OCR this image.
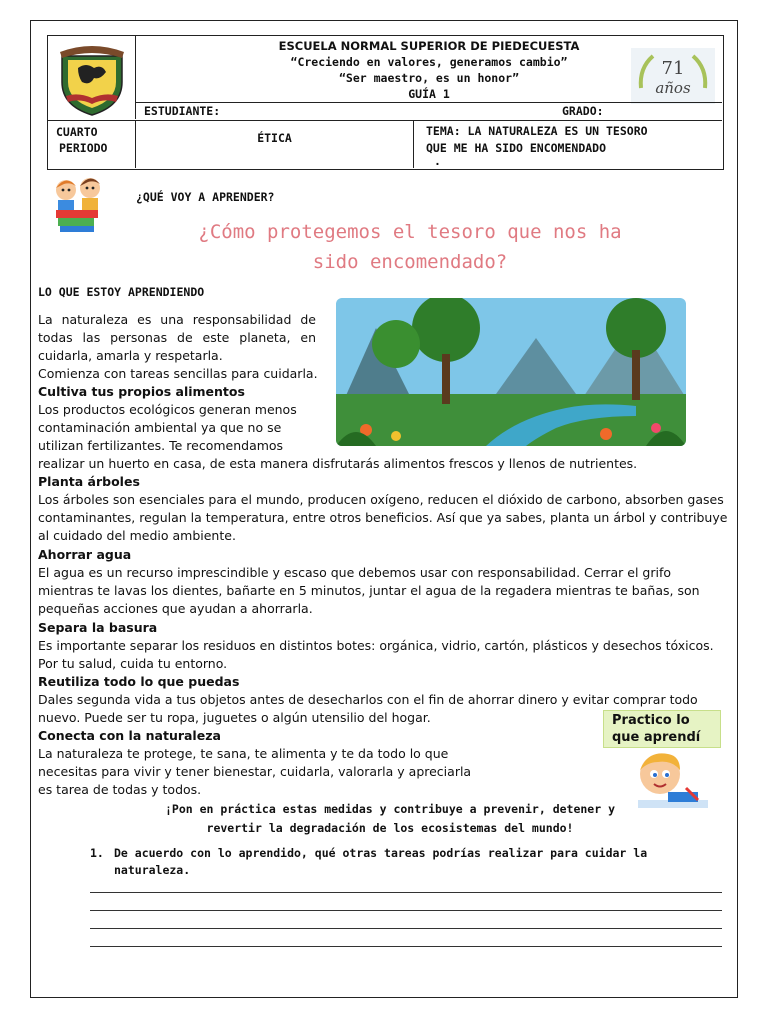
ESCUELA NORMAL SUPERIOR DE PIEDECUESTA
“Creciendo en valores, generamos cambio”
“Ser maestro, es un honor”
GUÍA 1
71
años
ESTUDIANTE:	GRADO:
CUARTO
PERIODO
ÉTICA	TEMA: LA NATURALEZA ES UN TESORO
QUE ME HA SIDO ENCOMENDADO
.
¿QUÉ VOY A APRENDER?
¿Cómo protegemos el tesoro que nos ha
sido encomendado?
LO QUE ESTOY APRENDIENDO
La naturaleza es una responsabilidad de todas las personas de este planeta, en cuidarla, amarla y respetarla.
Comienza con tareas sencillas para cuidarla.
Cultiva tus propios alimentos
Los productos ecológicos generan menos
contaminación ambiental ya que no se
utilizan fertilizantes. Te recomendamos
realizar un huerto en casa, de esta manera disfrutarás alimentos frescos y llenos de nutrientes.
Planta árboles
Los árboles son esenciales para el mundo, producen oxígeno, reducen el dióxido de carbono, absorben gases contaminantes, regulan la temperatura, entre otros beneficios. Así que ya sabes, planta un árbol y contribuye al cuidado del medio ambiente.
Ahorrar agua
El agua es un recurso imprescindible y escaso que debemos usar con responsabilidad. Cerrar el grifo mientras te lavas los dientes, bañarte en 5 minutos, juntar el agua de la regadera mientras te bañas, son pequeñas acciones que ayudan a ahorrarla.
Separa la basura
Es importante separar los residuos en distintos botes: orgánica, vidrio, cartón, plásticos y desechos tóxicos. Por tu salud, cuida tu entorno.
Reutiliza todo lo que puedas
Dales segunda vida a tus objetos antes de desecharlos con el fin de ahorrar dinero y evitar comprar todo nuevo. Puede ser tu ropa, juguetes o algún utensilio del hogar.
Conecta con la naturaleza
La naturaleza te protege, te sana, te alimenta y te da todo lo que
necesitas para vivir y tener bienestar, cuidarla, valorarla y apreciarla
es tarea de todas y todos.
Practico lo
que aprendí
¡Pon en práctica estas medidas y contribuye a prevenir, detener y
revertir la degradación de los ecosistemas del mundo!
1. De acuerdo con lo aprendido, qué otras tareas podrías realizar para cuidar la naturaleza.
